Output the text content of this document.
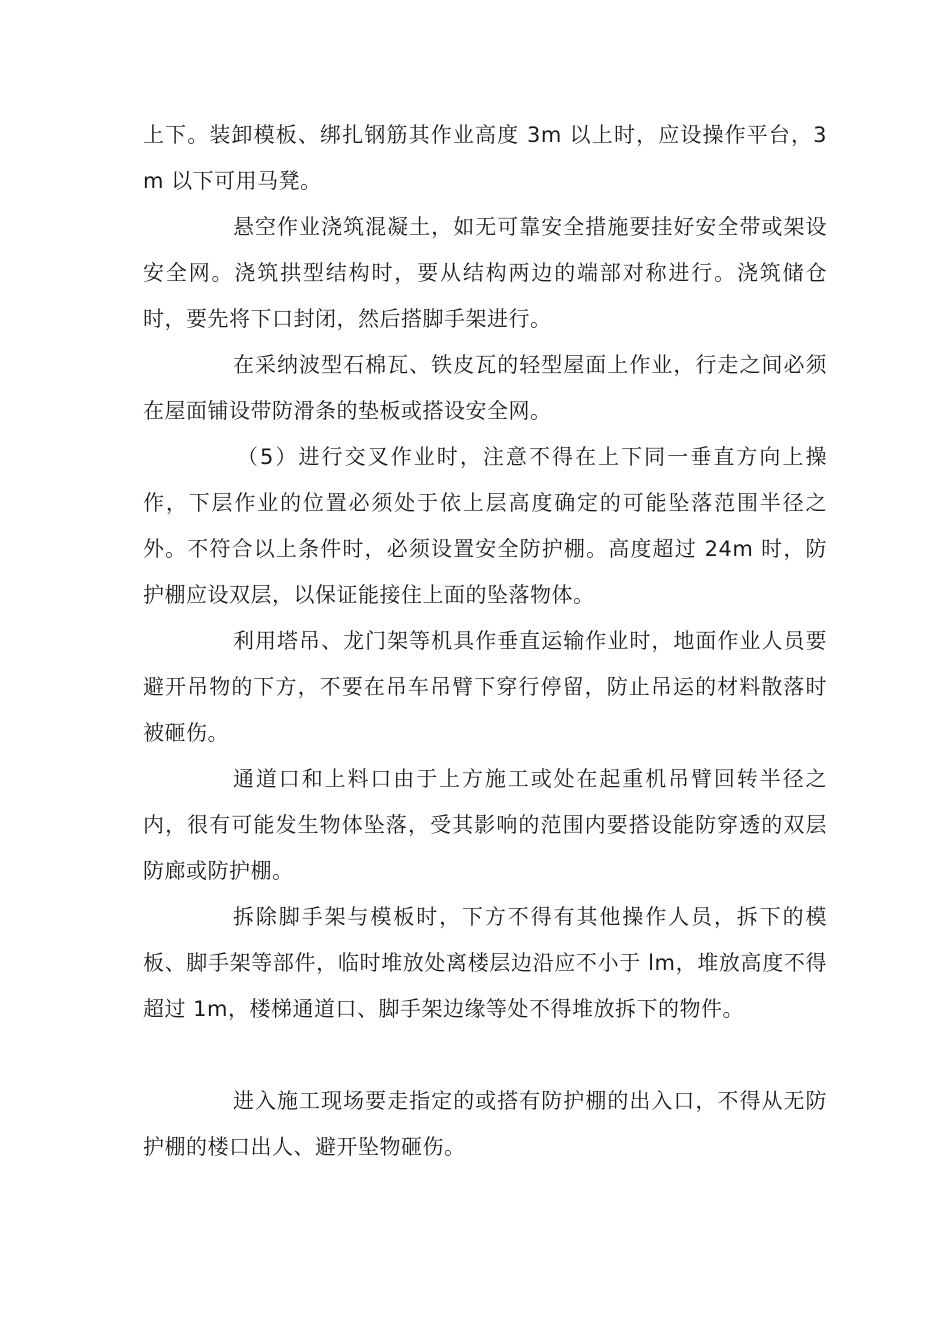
上下。装卸模板、绑扎钢筋其作业高度 3m 以上时，应设操作平台，3m 以下可用马凳。

悬空作业浇筑混凝土，如无可靠安全措施要挂好安全带或架设安全网。浇筑拱型结构时，要从结构两边的端部对称进行。浇筑储仓时，要先将下口封闭，然后搭脚手架进行。

在采纳波型石棉瓦、铁皮瓦的轻型屋面上作业，行走之间必须在屋面铺设带防滑条的垫板或搭设安全网。

（5）进行交叉作业时，注意不得在上下同一垂直方向上操作，下层作业的位置必须处于依上层高度确定的可能坠落范围半径之外。不符合以上条件时，必须设置安全防护棚。高度超过 24m 时，防护棚应设双层，以保证能接住上面的坠落物体。

利用塔吊、龙门架等机具作垂直运输作业时，地面作业人员要避开吊物的下方，不要在吊车吊臂下穿行停留，防止吊运的材料散落时被砸伤。

通道口和上料口由于上方施工或处在起重机吊臂回转半径之内，很有可能发生物体坠落，受其影响的范围内要搭设能防穿透的双层防廊或防护棚。

拆除脚手架与模板时，下方不得有其他操作人员，拆下的模板、脚手架等部件，临时堆放处离楼层边沿应不小于 lm，堆放高度不得超过 1m，楼梯通道口、脚手架边缘等处不得堆放拆下的物件。

进入施工现场要走指定的或搭有防护棚的出入口，不得从无防护棚的楼口出人、避开坠物砸伤。
